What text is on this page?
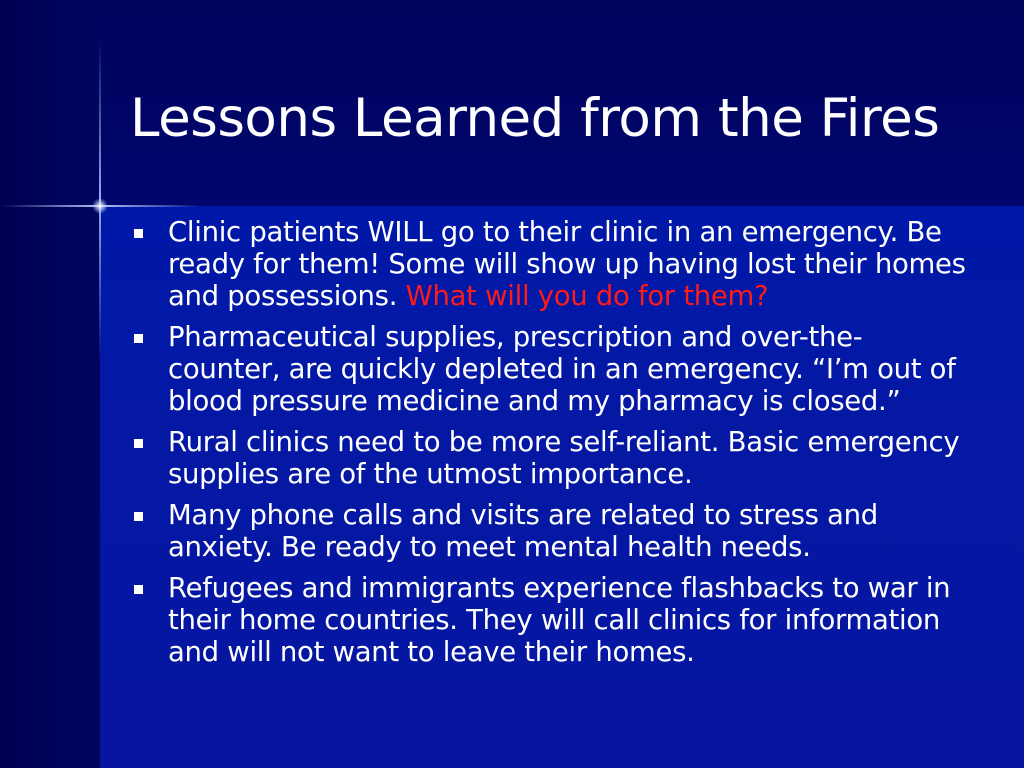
Lessons Learned from the Fires
Clinic patients WILL go to their clinic in an emergency. Be ready for them! Some will show up having lost their homes and possessions. What will you do for them?
Pharmaceutical supplies, prescription and over-the-counter, are quickly depleted in an emergency. “I’m out of blood pressure medicine and my pharmacy is closed.”
Rural clinics need to be more self-reliant. Basic emergency supplies are of the utmost importance.
Many phone calls and visits are related to stress and anxiety. Be ready to meet mental health needs.
Refugees and immigrants experience flashbacks to war in their home countries. They will call clinics for information and will not want to leave their homes.
